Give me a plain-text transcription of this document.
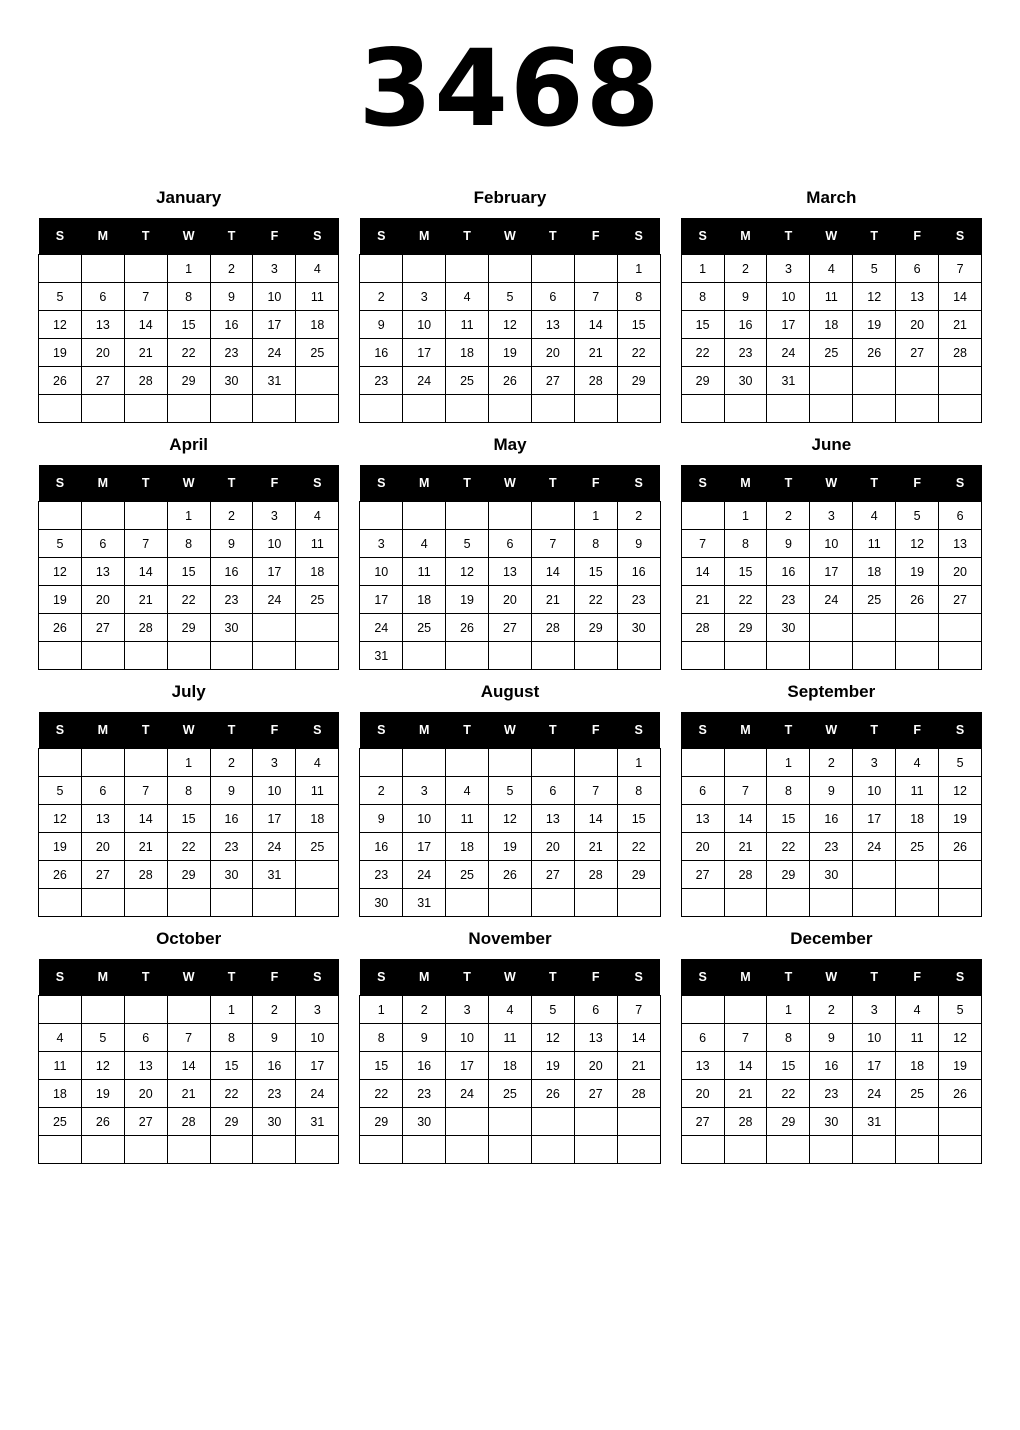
3468
January
S	M	T	W	T	F	S
			1	2	3	4
5	6	7	8	9	10	11
12	13	14	15	16	17	18
19	20	21	22	23	24	25
26	27	28	29	30	31	

February
S	M	T	W	T	F	S
						1
2	3	4	5	6	7	8
9	10	11	12	13	14	15
16	17	18	19	20	21	22
23	24	25	26	27	28	29

March
S	M	T	W	T	F	S
1	2	3	4	5	6	7
8	9	10	11	12	13	14
15	16	17	18	19	20	21
22	23	24	25	26	27	28
29	30	31				

April
S	M	T	W	T	F	S
			1	2	3	4
5	6	7	8	9	10	11
12	13	14	15	16	17	18
19	20	21	22	23	24	25
26	27	28	29	30		

May
S	M	T	W	T	F	S
					1	2
3	4	5	6	7	8	9
10	11	12	13	14	15	16
17	18	19	20	21	22	23
24	25	26	27	28	29	30
31						
June
S	M	T	W	T	F	S
	1	2	3	4	5	6
7	8	9	10	11	12	13
14	15	16	17	18	19	20
21	22	23	24	25	26	27
28	29	30				

July
S	M	T	W	T	F	S
			1	2	3	4
5	6	7	8	9	10	11
12	13	14	15	16	17	18
19	20	21	22	23	24	25
26	27	28	29	30	31	

August
S	M	T	W	T	F	S
						1
2	3	4	5	6	7	8
9	10	11	12	13	14	15
16	17	18	19	20	21	22
23	24	25	26	27	28	29
30	31					
September
S	M	T	W	T	F	S
		1	2	3	4	5
6	7	8	9	10	11	12
13	14	15	16	17	18	19
20	21	22	23	24	25	26
27	28	29	30			

October
S	M	T	W	T	F	S
				1	2	3
4	5	6	7	8	9	10
11	12	13	14	15	16	17
18	19	20	21	22	23	24
25	26	27	28	29	30	31

November
S	M	T	W	T	F	S
1	2	3	4	5	6	7
8	9	10	11	12	13	14
15	16	17	18	19	20	21
22	23	24	25	26	27	28
29	30					

December
S	M	T	W	T	F	S
		1	2	3	4	5
6	7	8	9	10	11	12
13	14	15	16	17	18	19
20	21	22	23	24	25	26
27	28	29	30	31		
